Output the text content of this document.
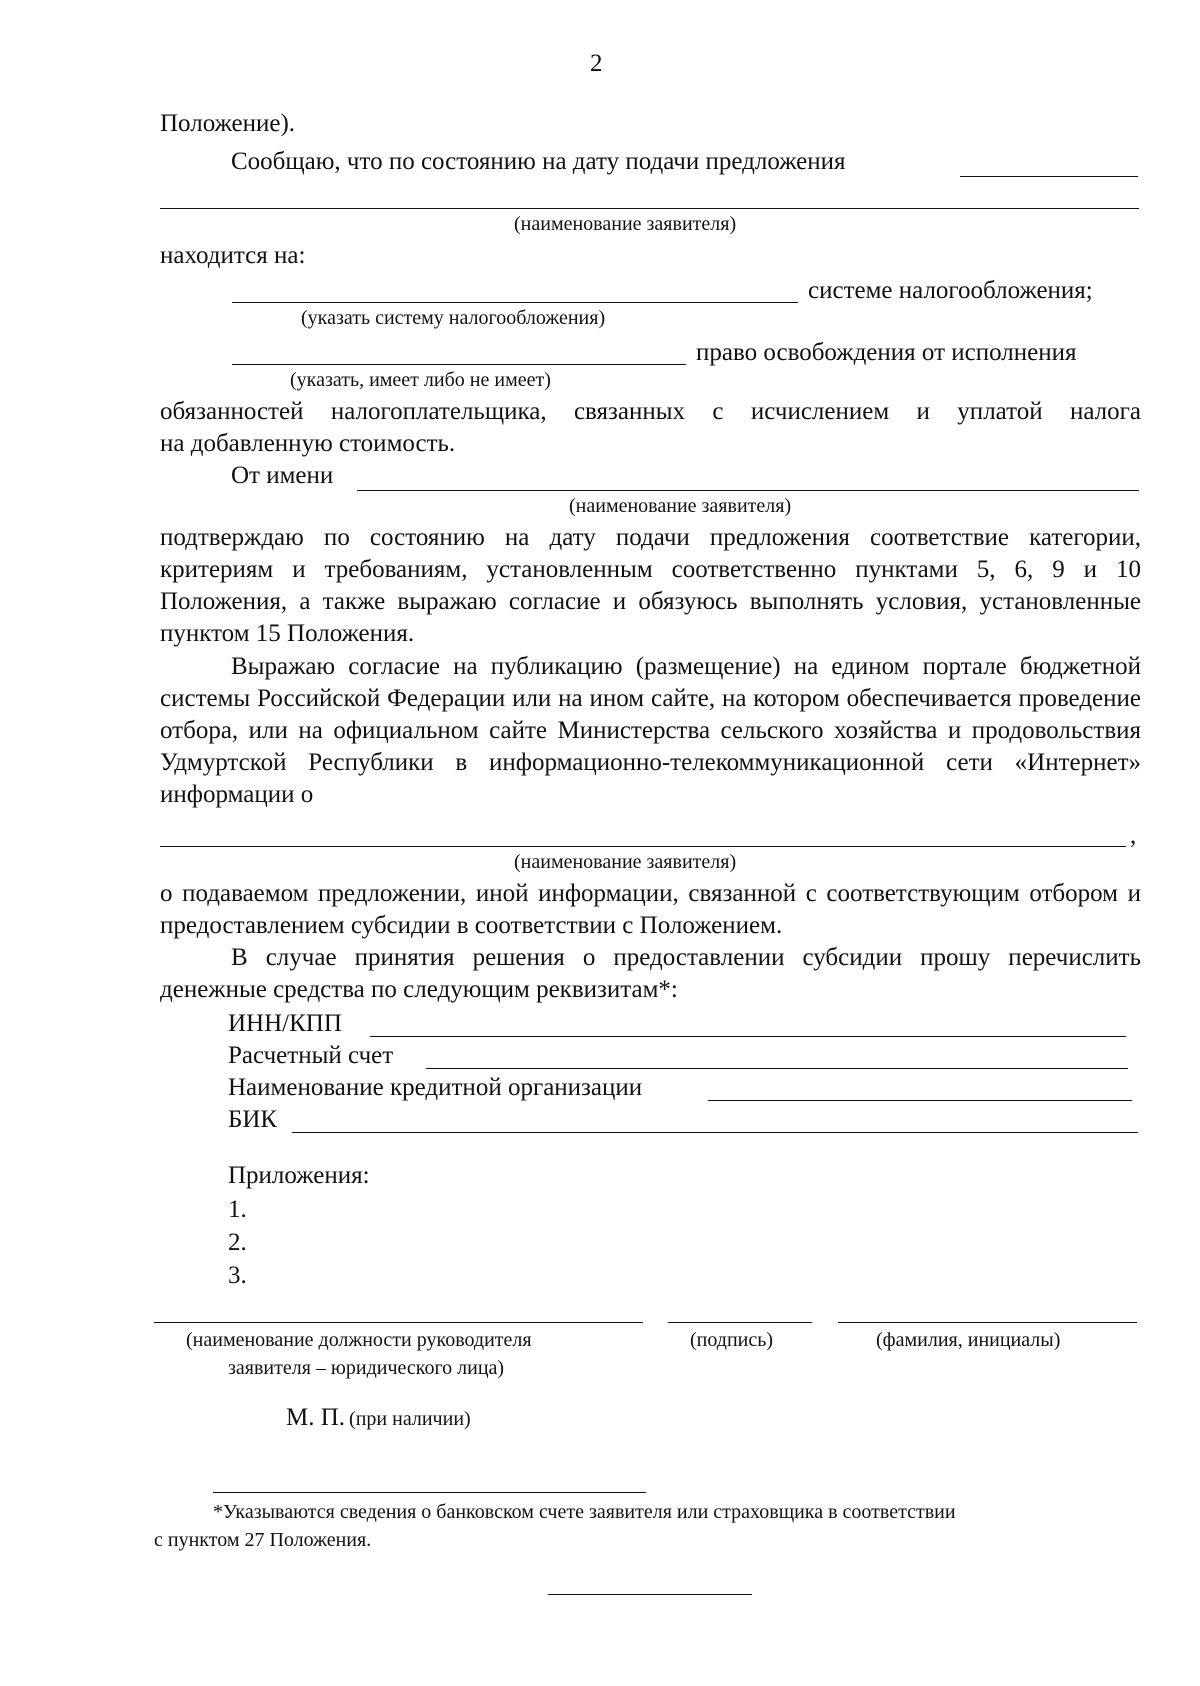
2
Положение).
Сообщаю, что по состоянию на дату подачи предложения
(наименование заявителя)
находится на:
системе налогообложения;
(указать систему налогообложения)
право освобождения от исполнения
(указать, имеет либо не имеет)
обязанностей налогоплательщика, связанных с исчислением и уплатой налога
на добавленную стоимость.
От имени
(наименование заявителя)
подтверждаю по состоянию на дату подачи предложения соответствие категории, критериям и требованиям, установленным соответственно пунктами 5, 6, 9 и 10 Положения, а также выражаю согласие и обязуюсь выполнять условия, установленные пунктом 15 Положения.
Выражаю согласие на публикацию (размещение) на едином портале бюджетной системы Российской Федерации или на ином сайте, на котором обеспечивается проведение отбора, или на официальном сайте Министерства сельского хозяйства и продовольствия Удмуртской Республики в информационно-телекоммуникационной сети «Интернет» информации о
,
(наименование заявителя)
о подаваемом предложении, иной информации, связанной с соответствующим отбором и предоставлением субсидии в соответствии с Положением.
В случае принятия решения о предоставлении субсидии прошу перечислить денежные средства по следующим реквизитам*:
ИНН/КПП
Расчетный счет
Наименование кредитной организации
БИК
Приложения:
1.
2.
3.
(наименование должности руководителя
заявителя – юридического лица)
(подпись)	(фамилия, инициалы)
М. П. (при наличии)
*Указываются сведения о банковском счете заявителя или страховщика в соответствии
с пунктом 27 Положения.
